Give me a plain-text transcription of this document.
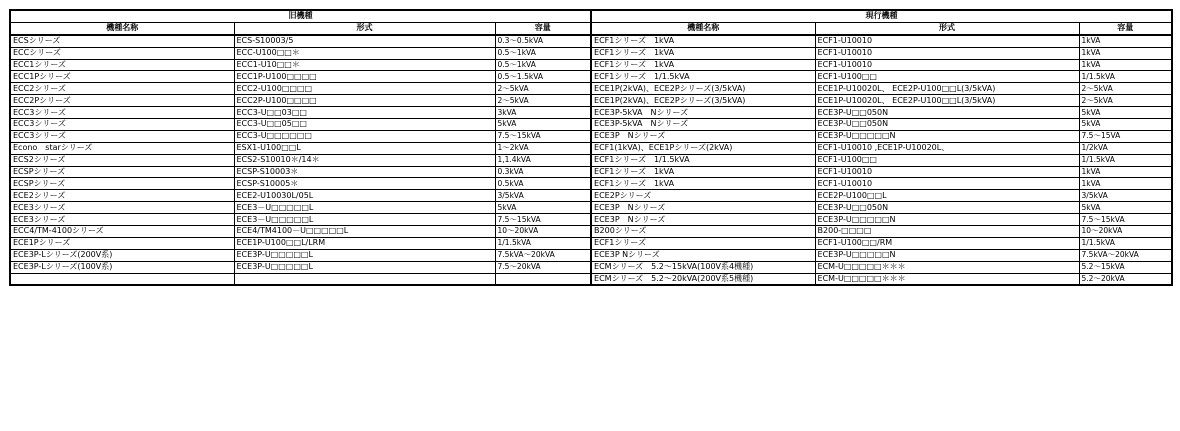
旧機種			現行機種		
機種名称	形式	容量	機種名称	形式	容量
ECSシリーズ	ECS-S10003/5	0.3～0.5kVA	ECF1シリーズ　1kVA	ECF1-U10010	1kVA
ECCシリーズ	ECC-U100□□＊	0.5～1kVA	ECF1シリーズ　1kVA	ECF1-U10010	1kVA
ECC1シリーズ	ECC1-U10□□＊	0.5～1kVA	ECF1シリーズ　1kVA	ECF1-U10010	1kVA
ECC1Pシリーズ	ECC1P-U100□□□□	0.5～1.5kVA	ECF1シリーズ　1/1.5kVA	ECF1-U100□□	1/1.5kVA
ECC2シリーズ	ECC2-U100□□□□	2～5kVA	ECE1P(2kVA)、ECE2Pシリーズ(3/5kVA)	ECE1P-U10020L、 ECE2P-U100□□L(3/5kVA)	2～5kVA
ECC2Pシリーズ	ECC2P-U100□□□□	2～5kVA	ECE1P(2kVA)、ECE2Pシリーズ(3/5kVA)	ECE1P-U10020L、 ECE2P-U100□□L(3/5kVA)	2～5kVA
ECC3シリーズ	ECC3-U□□03□□	3kVA	ECE3P-5kVA　Nシリーズ	ECE3P-U□□050N	5kVA
ECC3シリーズ	ECC3-U□□05□□	5kVA	ECE3P-5kVA　Nシリーズ	ECE3P-U□□050N	5kVA
ECC3シリーズ	ECC3-U□□□□□□	7.5～15kVA	ECE3P　Nシリーズ	ECE3P-U□□□□□N	7.5～15VA
Econo　starシリーズ	ESX1-U100□□L	1～2kVA	ECF1(1kVA)、ECE1Pシリーズ(2kVA)	ECF1-U10010 ,ECE1P-U10020L、	1/2kVA
ECS2シリーズ	ECS2-S10010＊/14＊	1,1.4kVA	ECF1シリーズ　1/1.5kVA	ECF1-U100□□	1/1.5kVA
ECSPシリーズ	ECSP-S10003＊	0.3kVA	ECF1シリーズ　1kVA	ECF1-U10010	1kVA
ECSPシリーズ	ECSP-S10005＊	0.5kVA	ECF1シリーズ　1kVA	ECF1-U10010	1kVA
ECE2シリーズ	ECE2-U10030L/05L	3/5kVA	ECE2Pシリーズ	ECE2P-U100□□L	3/5kVA
ECE3シリーズ	ECE3－U□□□□□L	5kVA	ECE3P　Nシリーズ	ECE3P-U□□050N	5kVA
ECE3シリーズ	ECE3－U□□□□□L	7.5～15kVA	ECE3P　Nシリーズ	ECE3P-U□□□□□N	7.5～15kVA
ECC4/TM-4100シリーズ	ECE4/TM4100－U□□□□□L	10～20kVA	B200シリーズ	B200-□□□□	10～20kVA
ECE1Pシリーズ	ECE1P-U100□□L/LRM	1/1.5kVA	ECF1シリーズ	ECF1-U100□□/RM	1/1.5kVA
ECE3P-Lシリーズ(200V系)	ECE3P-U□□□□□L	7.5kVA～20kVA	ECE3P Nシリーズ	ECE3P-U□□□□□N	7.5kVA～20kVA
ECE3P-Lシリーズ(100V系)	ECE3P-U□□□□□L	7.5～20kVA	ECMシリーズ　5.2～15kVA(100V系4機種)	ECM-U□□□□□＊＊＊	5.2～15kVA
			ECMシリーズ　5.2～20kVA(200V系5機種)	ECM-U□□□□□＊＊＊	5.2～20kVA
